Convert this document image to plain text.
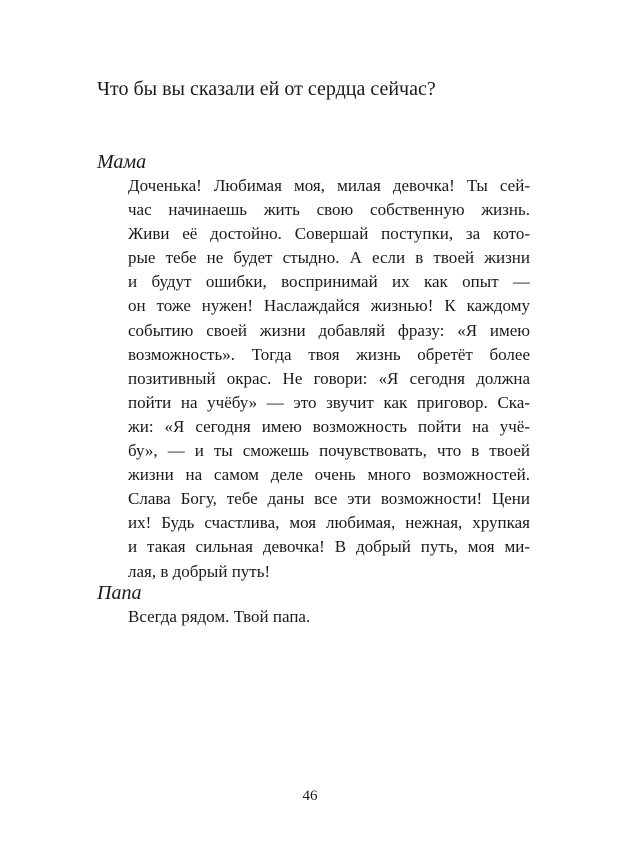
Что бы вы сказали ей от сердца сейчас?
Мама
Доченька! Любимая моя, милая девочка! Ты сей-
час начинаешь жить свою собственную жизнь.
Живи её достойно. Совершай поступки, за кото-
рые тебе не будет стыдно. А если в твоей жизни
и будут ошибки, воспринимай их как опыт —
он тоже нужен! Наслаждайся жизнью! К каждому
событию своей жизни добавляй фразу: «Я имею
возможность». Тогда твоя жизнь обретёт более
позитивный окрас. Не говори: «Я сегодня должна
пойти на учёбу» — это звучит как приговор. Ска-
жи: «Я сегодня имею возможность пойти на учё-
бу», — и ты сможешь почувствовать, что в твоей
жизни на самом деле очень много возможностей.
Слава Богу, тебе даны все эти возможности! Цени
их! Будь счастлива, моя любимая, нежная, хрупкая
и такая сильная девочка! В добрый путь, моя ми-
лая, в добрый путь!
Папа
Всегда рядом. Твой папа.
46
